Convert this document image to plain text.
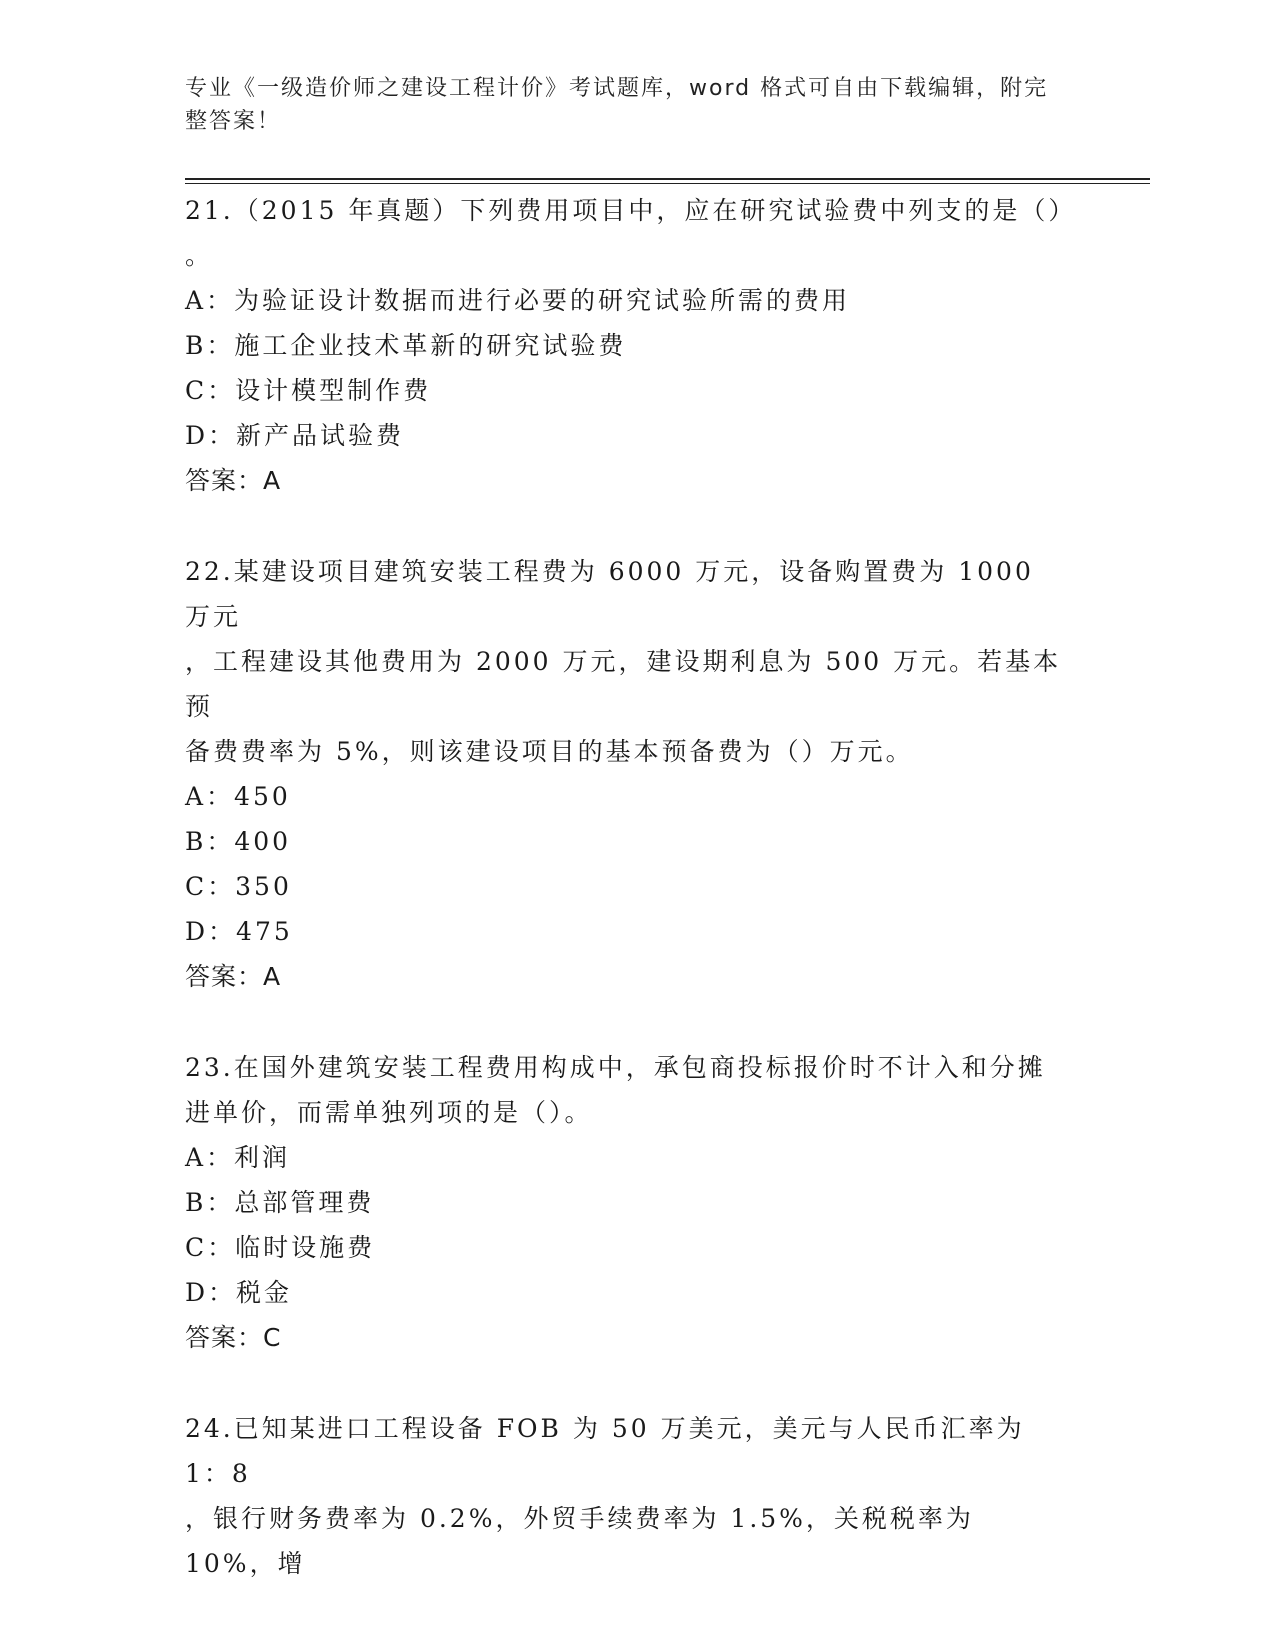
专业《一级造价师之建设工程计价》考试题库，word 格式可自由下载编辑，附完
整答案！

21.（2015 年真题）下列费用项目中，应在研究试验费中列支的是（）

。

A：为验证设计数据而进行必要的研究试验所需的费用

B：施工企业技术革新的研究试验费

C：设计模型制作费

D：新产品试验费

答案：A

22.某建设项目建筑安装工程费为 6000 万元，设备购置费为 1000 万元

，工程建设其他费用为 2000 万元，建设期利息为 500 万元。若基本预

备费费率为 5%，则该建设项目的基本预备费为（）万元。

A：450

B：400

C：350

D：475

答案：A

23.在国外建筑安装工程费用构成中，承包商投标报价时不计入和分摊

进单价，而需单独列项的是（）。

A：利润

B：总部管理费

C：临时设施费

D：税金

答案：C

24.已知某进口工程设备 FOB 为 50 万美元，美元与人民币汇率为 1：8

，银行财务费率为 0.2%，外贸手续费率为 1.5%，关税税率为 10%，增
